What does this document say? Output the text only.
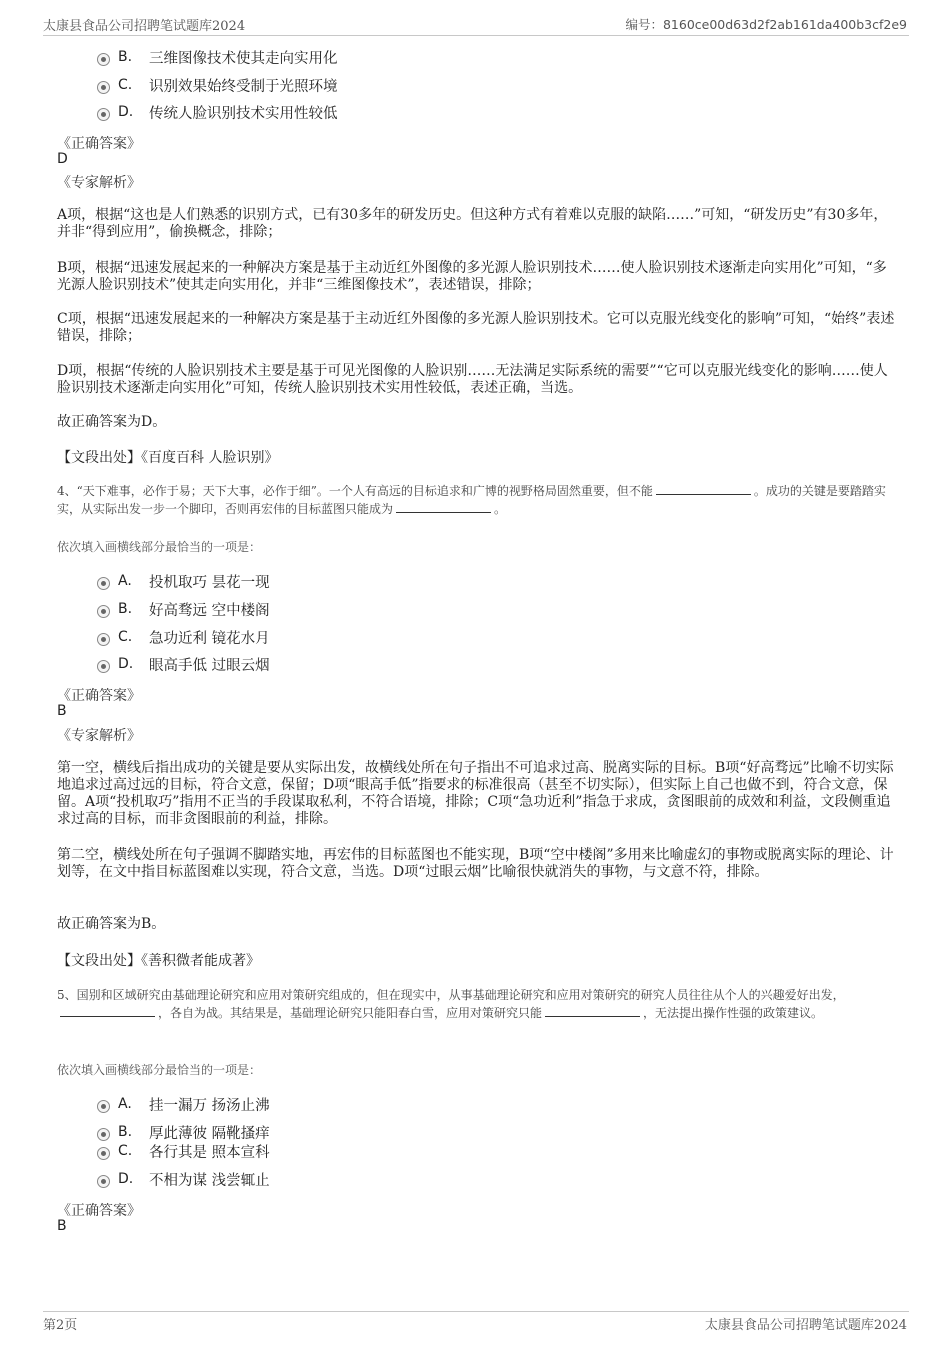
太康县食品公司招聘笔试题库2024	编号：8160ce00d63d2f2ab161da400b3cf2e9
B.	三维图像技术使其走向实用化
C.	识别效果始终受制于光照环境
D.	传统人脸识别技术实用性较低
《正确答案》
D
《专家解析》
A项，根据“这也是人们熟悉的识别方式，已有30多年的研发历史。但这种方式有着难以克服的缺陷……”可知，“研发历史”有30多年，并非“得到应用”，偷换概念，排除；
B项，根据“迅速发展起来的一种解决方案是基于主动近红外图像的多光源人脸识别技术……使人脸识别技术逐渐走向实用化”可知，“多光源人脸识别技术”使其走向实用化，并非“三维图像技术”，表述错误，排除；
C项，根据“迅速发展起来的一种解决方案是基于主动近红外图像的多光源人脸识别技术。它可以克服光线变化的影响”可知，“始终”表述错误，排除；
D项，根据“传统的人脸识别技术主要是基于可见光图像的人脸识别……无法满足实际系统的需要”“它可以克服光线变化的影响……使人脸识别技术逐渐走向实用化”可知，传统人脸识别技术实用性较低，表述正确，当选。
故正确答案为D。
【文段出处】《百度百科 人脸识别》
4、“天下难事，必作于易；天下大事，必作于细”。一个人有高远的目标追求和广博的视野格局固然重要，但不能	。成功的关键是要踏踏实实，从实际出发一步一个脚印，否则再宏伟的目标蓝图只能成为	。
依次填入画横线部分最恰当的一项是：
A.	投机取巧 昙花一现
B.	好高骛远 空中楼阁
C.	急功近利 镜花水月
D.	眼高手低 过眼云烟
《正确答案》
B
《专家解析》
第一空，横线后指出成功的关键是要从实际出发，故横线处所在句子指出不可追求过高、脱离实际的目标。B项“好高骛远”比喻不切实际地追求过高过远的目标，符合文意，保留；D项“眼高手低”指要求的标准很高（甚至不切实际），但实际上自己也做不到，符合文意，保留。A项“投机取巧”指用不正当的手段谋取私利，不符合语境，排除；C项“急功近利”指急于求成，贪图眼前的成效和利益，文段侧重追求过高的目标，而非贪图眼前的利益，排除。
第二空，横线处所在句子强调不脚踏实地，再宏伟的目标蓝图也不能实现，B项“空中楼阁”多用来比喻虚幻的事物或脱离实际的理论、计划等，在文中指目标蓝图难以实现，符合文意，当选。D项“过眼云烟”比喻很快就消失的事物，与文意不符，排除。
故正确答案为B。
【文段出处】《善积微者能成著》
5、国别和区域研究由基础理论研究和应用对策研究组成的，但在现实中，从事基础理论研究和应用对策研究的研究人员往往从个人的兴趣爱好出发，，各自为战。其结果是，基础理论研究只能阳春白雪，应用对策研究只能	，无法提出操作性强的政策建议。
依次填入画横线部分最恰当的一项是：
A.	挂一漏万 扬汤止沸
B.	厚此薄彼 隔靴搔痒
C.	各行其是 照本宣科
D.	不相为谋 浅尝辄止
《正确答案》
B
第2页	太康县食品公司招聘笔试题库2024
